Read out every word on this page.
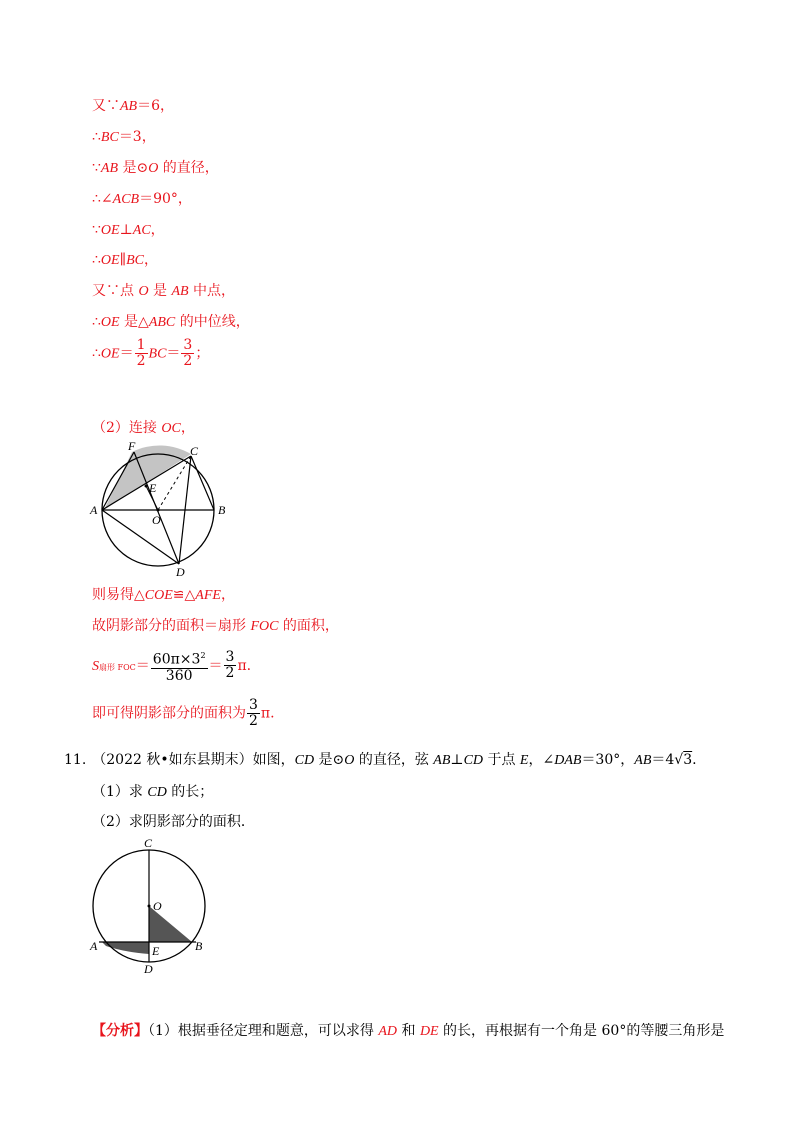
又∵AB＝6，
∴BC＝3，
∵AB 是⊙O 的直径，
∴∠ACB＝90°，
∵OE⊥AC，
∴OE∥BC，
又∵点 O 是 AB 中点，
∴OE 是△ABC 的中位线，
∴OE＝ $\frac{1}{2} BC= \frac{3}{2}$ ；
（2）连接 OC，
F	C
E
A
O
B
D
则易得△COE≌△AFE，
故阴影部分的面积＝扇形 FOC 的面积，
S扇形 $FOC= \frac{60\pi\times 3^2}{360} = \frac{3}{2} \pi$.
即可得阴影部分的面积为 $\frac{3}{2} \pi$.
11. （2022 秋•如东县期末）如图，CD 是⊙O 的直径，弦 AB⊥CD 于点 E，∠DAB＝30°，AB＝4√3.
（1）求 CD 的长；
（2）求阴影部分的面积．
C
O
A	E	B
D
【分析】（1）根据垂径定理和题意，可以求得 AD 和 DE 的长，再根据有一个角是 60°的等腰三角形是
